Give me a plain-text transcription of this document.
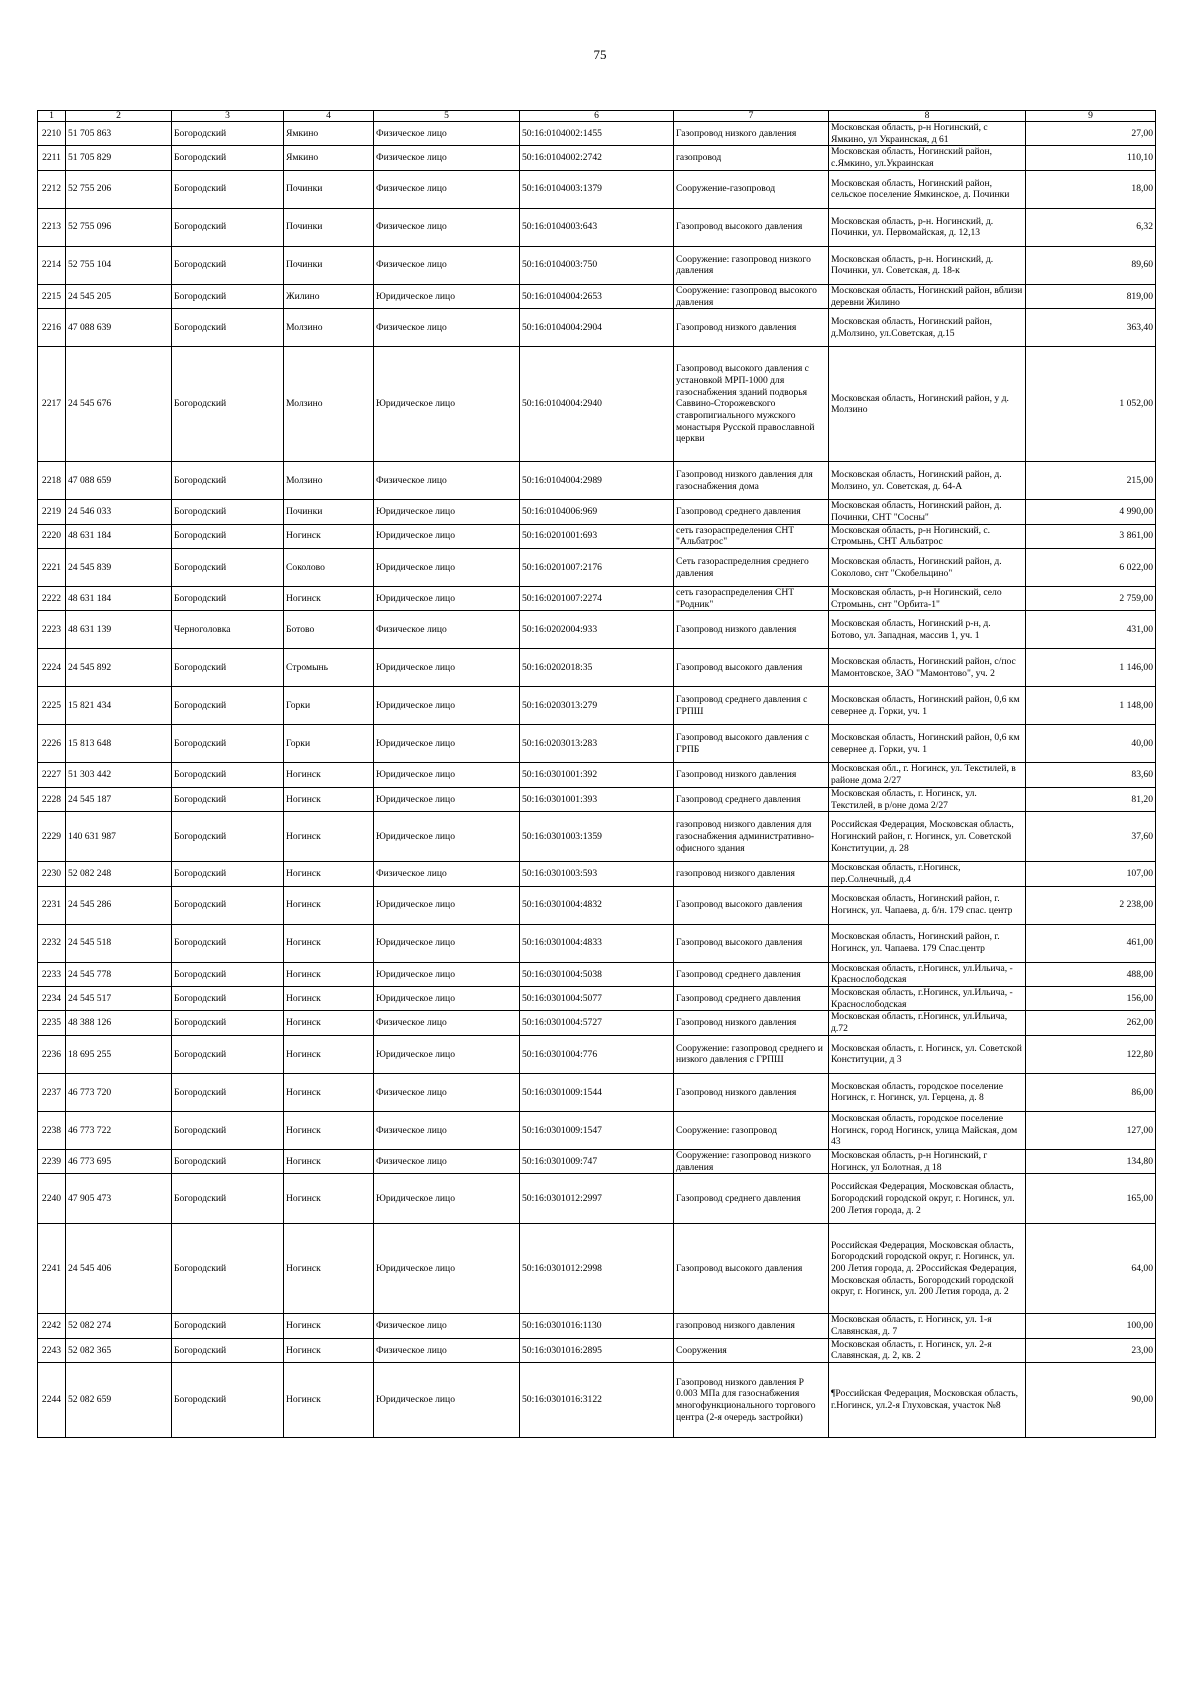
75
1	2	3	4	5	6	7	8	9
2210	51 705 863	Богородский	Ямкино	Физическое лицо	50:16:0104002:1455	Газопровод низкого давления	Московская область, р-н Ногинский, с Ямкино, ул Украинская, д 61	27,00
2211	51 705 829	Богородский	Ямкино	Физическое лицо	50:16:0104002:2742	газопровод	Московская область, Ногинский район, с.Ямкино, ул.Украинская	110,10
2212	52 755 206	Богородский	Починки	Физическое лицо	50:16:0104003:1379	Сооружение-газопровод	Московская область, Ногинский район, сельское поселение Ямкинское, д. Починки	18,00
2213	52 755 096	Богородский	Починки	Физическое лицо	50:16:0104003:643	Газопровод высокого давления	Московская область, р-н. Ногинский, д. Починки, ул. Первомайская, д. 12,13	6,32
2214	52 755 104	Богородский	Починки	Физическое лицо	50:16:0104003:750	Сооружение: газопровод низкого давления	Московская область, р-н. Ногинский, д. Починки, ул. Советская, д. 18-к	89,60
2215	24 545 205	Богородский	Жилино	Юридическое лицо	50:16:0104004:2653	Сооружение: газопровод высокого давления	Московская область, Ногинский район, вблизи деревни Жилино	819,00
2216	47 088 639	Богородский	Молзино	Физическое лицо	50:16:0104004:2904	Газопровод низкого давления	Московская область, Ногинский район, д.Молзино, ул.Советская, д.15	363,40
2217	24 545 676	Богородский	Молзино	Юридическое лицо	50:16:0104004:2940	Газопровод высокого давления с установкой МРП-1000 для газоснабжения зданий подворья Саввино-Сторожевского ставропигиального мужского монастыря Русской православной церкви	Московская область, Ногинский район, у д. Молзино	1 052,00
2218	47 088 659	Богородский	Молзино	Физическое лицо	50:16:0104004:2989	Газопровод низкого давления для газоснабжения дома	Московская область, Ногинский район, д. Молзино, ул. Советская, д. 64-А	215,00
2219	24 546 033	Богородский	Починки	Юридическое лицо	50:16:0104006:969	Газопровод среднего давления	Московская область, Ногинский район, д. Починки, СНТ "Сосны"	4 990,00
2220	48 631 184	Богородский	Ногинск	Юридическое лицо	50:16:0201001:693	сеть газораспределения СНТ "Альбатрос"	Московская область, р-н Ногинский, с. Стромынь, СНТ Альбатрос	3 861,00
2221	24 545 839	Богородский	Соколово	Юридическое лицо	50:16:0201007:2176	Сеть газораспределния среднего давления	Московская область, Ногинский район, д. Соколово, снт "Скобельцино"	6 022,00
2222	48 631 184	Богородский	Ногинск	Юридическое лицо	50:16:0201007:2274	сеть газораспределения СНТ "Родник"	Московская область, р-н Ногинский, село Стромынь, снт "Орбита-1"	2 759,00
2223	48 631 139	Черноголовка	Ботово	Физическое лицо	50:16:0202004:933	Газопровод низкого давления	Московская область, Ногинский р-н, д. Ботово, ул. Западная, массив 1, уч. 1	431,00
2224	24 545 892	Богородский	Стромынь	Юридическое лицо	50:16:0202018:35	Газопровод высокого давления	Московская область, Ногинский район, с/пос Мамонтовское, ЗАО "Мамонтово", уч. 2	1 146,00
2225	15 821 434	Богородский	Горки	Юридическое лицо	50:16:0203013:279	Газопровод среднего давления с ГРПШ	Московская область, Ногинский район, 0,6 км севернее д. Горки, уч. 1	1 148,00
2226	15 813 648	Богородский	Горки	Юридическое лицо	50:16:0203013:283	Газопровод высокого давления с ГРПБ	Московская область, Ногинский район, 0,6 км севернее д. Горки, уч. 1	40,00
2227	51 303 442	Богородский	Ногинск	Юридическое лицо	50:16:0301001:392	Газопровод низкого давления	Московская обл., г. Ногинск, ул. Текстилей, в районе дома 2/27	83,60
2228	24 545 187	Богородский	Ногинск	Юридическое лицо	50:16:0301001:393	Газопровод среднего давления	Московская область, г. Ногинск, ул. Текстилей, в р/оне дома 2/27	81,20
2229	140 631 987	Богородский	Ногинск	Юридическое лицо	50:16:0301003:1359	газопровод низкого давления для газоснабжения административно-офисного здания	Российская Федерация, Московская область, Ногинский район, г. Ногинск, ул. Советской Конституции, д. 28	37,60
2230	52 082 248	Богородский	Ногинск	Физическое лицо	50:16:0301003:593	газопровод низкого давления	Московская область, г.Ногинск, пер.Солнечный, д.4	107,00
2231	24 545 286	Богородский	Ногинск	Юридическое лицо	50:16:0301004:4832	Газопровод высокого давления	Московская область, Ногинский район, г. Ногинск, ул. Чапаева, д. б/н. 179 спас. центр	2 238,00
2232	24 545 518	Богородский	Ногинск	Юридическое лицо	50:16:0301004:4833	Газопровод высокого давления	Московская область, Ногинский район, г. Ногинск, ул. Чапаева. 179 Спас.центр	461,00
2233	24 545 778	Богородский	Ногинск	Юридическое лицо	50:16:0301004:5038	Газопровод среднего давления	Московская область, г.Ногинск, ул.Ильича, - Краснослободская	488,00
2234	24 545 517	Богородский	Ногинск	Юридическое лицо	50:16:0301004:5077	Газопровод среднего давления	Московская область, г.Ногинск, ул.Ильича, - Краснослободская	156,00
2235	48 388 126	Богородский	Ногинск	Физическое лицо	50:16:0301004:5727	Газопровод низкого давления	Московская область, г.Ногинск, ул.Ильича, д.72	262,00
2236	18 695 255	Богородский	Ногинск	Юридическое лицо	50:16:0301004:776	Сооружение: газопровод среднего и низкого давления с ГРПШ	Московская область, г. Ногинск, ул. Советской Конституции, д 3	122,80
2237	46 773 720	Богородский	Ногинск	Физическое лицо	50:16:0301009:1544	Газопровод низкого давления	Московская область, городское поселение Ногинск, г. Ногинск, ул. Герцена, д. 8	86,00
2238	46 773 722	Богородский	Ногинск	Физическое лицо	50:16:0301009:1547	Сооружение: газопровод	Московская область, городское поселение Ногинск, город Ногинск, улица Майская, дом 43	127,00
2239	46 773 695	Богородский	Ногинск	Физическое лицо	50:16:0301009:747	Сооружение: газопровод низкого давления	Московская область, р-н Ногинский, г Ногинск, ул Болотная, д 18	134,80
2240	47 905 473	Богородский	Ногинск	Юридическое лицо	50:16:0301012:2997	Газопровод среднего давления	Российская Федерация, Московская область, Богородский городской округ, г. Ногинск, ул. 200 Летия города, д. 2	165,00
2241	24 545 406	Богородский	Ногинск	Юридическое лицо	50:16:0301012:2998	Газопровод высокого давления	Российская Федерация, Московская область, Богородский городской округ, г. Ногинск, ул. 200 Летия города, д. 2Российская Федерация, Московская область, Богородский городской округ, г. Ногинск, ул. 200 Летия города, д. 2	64,00
2242	52 082 274	Богородский	Ногинск	Физическое лицо	50:16:0301016:1130	газопровод низкого давления	Московская область, г. Ногинск, ул. 1-я Славянская, д. 7	100,00
2243	52 082 365	Богородский	Ногинск	Физическое лицо	50:16:0301016:2895	Сооружения	Московская область, г. Ногинск, ул. 2-я Славянская, д. 2, кв. 2	23,00
2244	52 082 659	Богородский	Ногинск	Юридическое лицо	50:16:0301016:3122	Газопровод низкого давления Р 0.003 МПа для газоснабжения многофункционального торгового центра (2-я очередь застройки)	¶Российская Федерация, Московская область, г.Ногинск, ул.2-я Глуховская, участок №8	90,00
